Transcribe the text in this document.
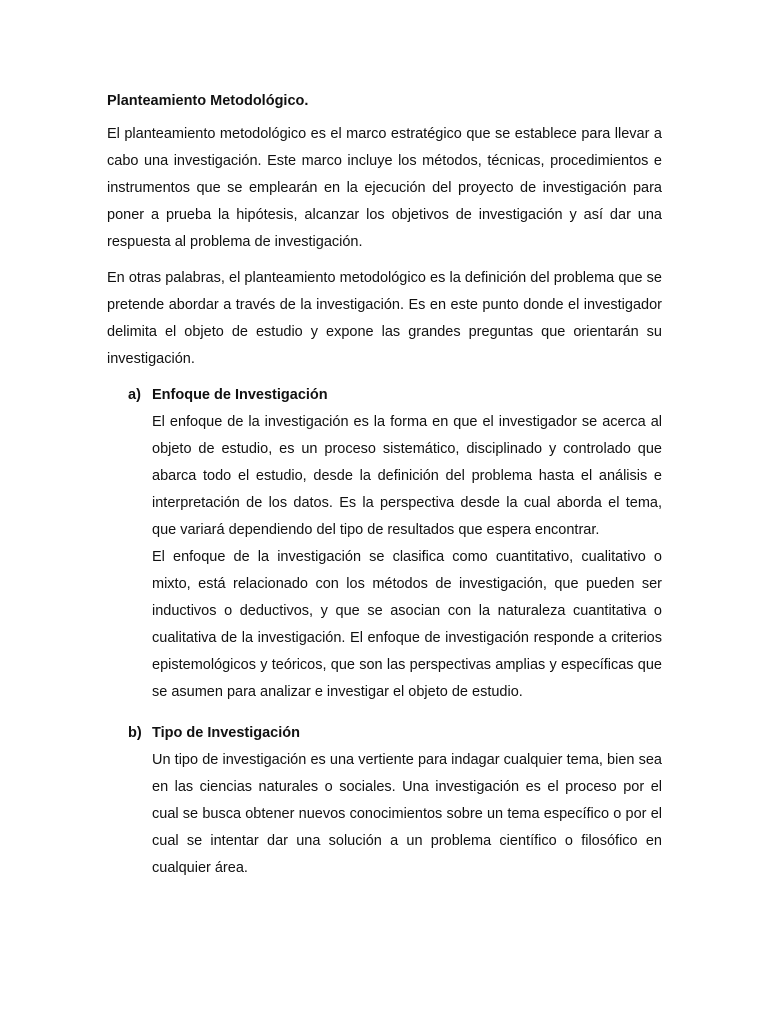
Planteamiento Metodológico.

El planteamiento metodológico es el marco estratégico que se establece para llevar a cabo una investigación. Este marco incluye los métodos, técnicas, procedimientos e instrumentos que se emplearán en la ejecución del proyecto de investigación para poner a prueba la hipótesis, alcanzar los objetivos de investigación y así dar una respuesta al problema de investigación.

En otras palabras, el planteamiento metodológico es la definición del problema que se pretende abordar a través de la investigación. Es en este punto donde el investigador delimita el objeto de estudio y expone las grandes preguntas que orientarán su investigación.

a) Enfoque de Investigación

El enfoque de la investigación es la forma en que el investigador se acerca al objeto de estudio, es un proceso sistemático, disciplinado y controlado que abarca todo el estudio, desde la definición del problema hasta el análisis e interpretación de los datos. Es la perspectiva desde la cual aborda el tema, que variará dependiendo del tipo de resultados que espera encontrar.

El enfoque de la investigación se clasifica como cuantitativo, cualitativo o mixto, está relacionado con los métodos de investigación, que pueden ser inductivos o deductivos, y que se asocian con la naturaleza cuantitativa o cualitativa de la investigación. El enfoque de investigación responde a criterios epistemológicos y teóricos, que son las perspectivas amplias y específicas que se asumen para analizar e investigar el objeto de estudio.

b) Tipo de Investigación

Un tipo de investigación es una vertiente para indagar cualquier tema, bien sea en las ciencias naturales o sociales. Una investigación es el proceso por el cual se busca obtener nuevos conocimientos sobre un tema específico o por el cual se intentar dar una solución a un problema científico o filosófico en cualquier área.
